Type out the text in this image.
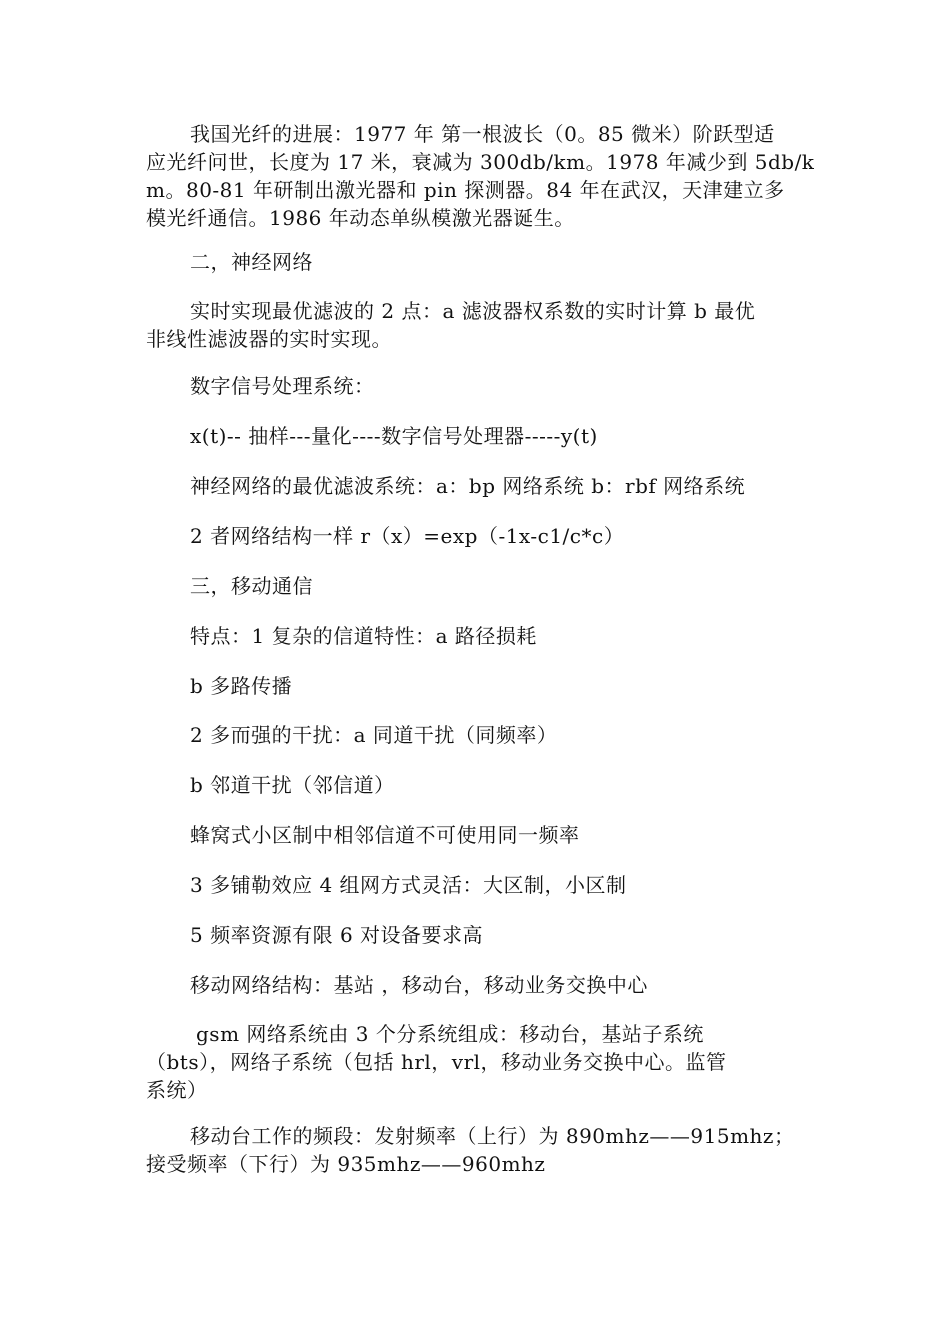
我国光纤的进展：1977 年 第一根波长（0。85 微米）阶跃型适
应光纤问世，长度为 17 米，衰减为 300db/km。1978 年减少到 5db/k
m。80-81 年研制出激光器和 pin 探测器。84 年在武汉，天津建立多
模光纤通信。1986 年动态单纵模激光器诞生。

二，神经网络

实时实现最优滤波的 2 点：a 滤波器权系数的实时计算 b 最优
非线性滤波器的实时实现。

数字信号处理系统：

x(t)-- 抽样---量化----数字信号处理器-----y(t)

神经网络的最优滤波系统：a：bp 网络系统 b：rbf 网络系统

2 者网络结构一样 r（x）=exp（-1x-c1/c*c）

三，移动通信

特点：1 复杂的信道特性：a 路径损耗

b 多路传播

2 多而强的干扰：a 同道干扰（同频率）

b 邻道干扰（邻信道）

蜂窝式小区制中相邻信道不可使用同一频率

3 多铺勒效应 4 组网方式灵活：大区制，小区制

5 频率资源有限 6 对设备要求高

移动网络结构：基站 ，移动台，移动业务交换中心

gsm 网络系统由 3 个分系统组成：移动台，基站子系统
（bts），网络子系统（包括 hrl，vrl，移动业务交换中心。监管
系统）

移动台工作的频段：发射频率（上行）为 890mhz——915mhz；
接受频率（下行）为 935mhz——960mhz
